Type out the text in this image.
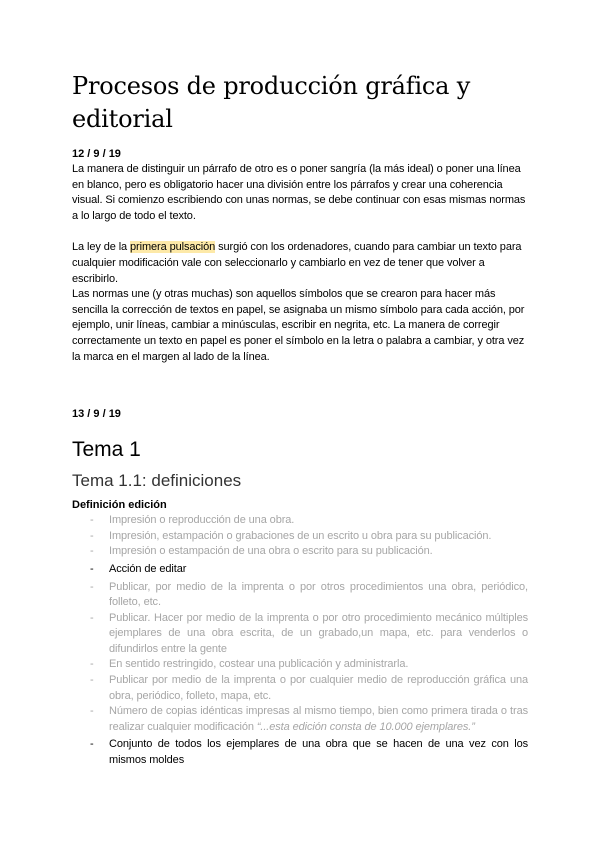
Procesos de producción gráfica y editorial
12 / 9 / 19

La manera de distinguir un párrafo de otro es o poner sangría (la más ideal) o poner una línea en blanco, pero es obligatorio hacer una división entre los párrafos y crear una coherencia visual. Si comienzo escribiendo con unas normas, se debe continuar con esas mismas normas a lo largo de todo el texto.

La ley de la primera pulsación surgió con los ordenadores, cuando para cambiar un texto para cualquier modificación vale con seleccionarlo y cambiarlo en vez de tener que volver a escribirlo.

Las normas une (y otras muchas) son aquellos símbolos que se crearon para hacer más sencilla la corrección de textos en papel, se asignaba un mismo símbolo para cada acción, por ejemplo, unir líneas, cambiar a minúsculas, escribir en negrita, etc. La manera de corregir correctamente un texto en papel es poner el símbolo en la letra o palabra a cambiar, y otra vez la marca en el margen al lado de la línea.

13 / 9 / 19
Tema 1
Tema 1.1: definiciones
Definición edición
- Impresión o reproducción de una obra.
- Impresión, estampación o grabaciones de un escrito u obra para su publicación.
- Impresión o estampación de una obra o escrito para su publicación.
- Acción de editar
- Publicar, por medio de la imprenta o por otros procedimientos una obra, periódico, folleto, etc.
- Publicar. Hacer por medio de la imprenta o por otro procedimiento mecánico múltiples ejemplares de una obra escrita, de un grabado,un mapa, etc. para venderlos o difundirlos entre la gente
- En sentido restringido, costear una publicación y administrarla.
- Publicar por medio de la imprenta o por cualquier medio de reproducción gráfica una obra, periódico, folleto, mapa, etc.
- Número de copias idénticas impresas al mismo tiempo, bien como primera tirada o tras realizar cualquier modificación “...esta edición consta de 10.000 ejemplares.”
- Conjunto de todos los ejemplares de una obra que se hacen de una vez con los mismos moldes
